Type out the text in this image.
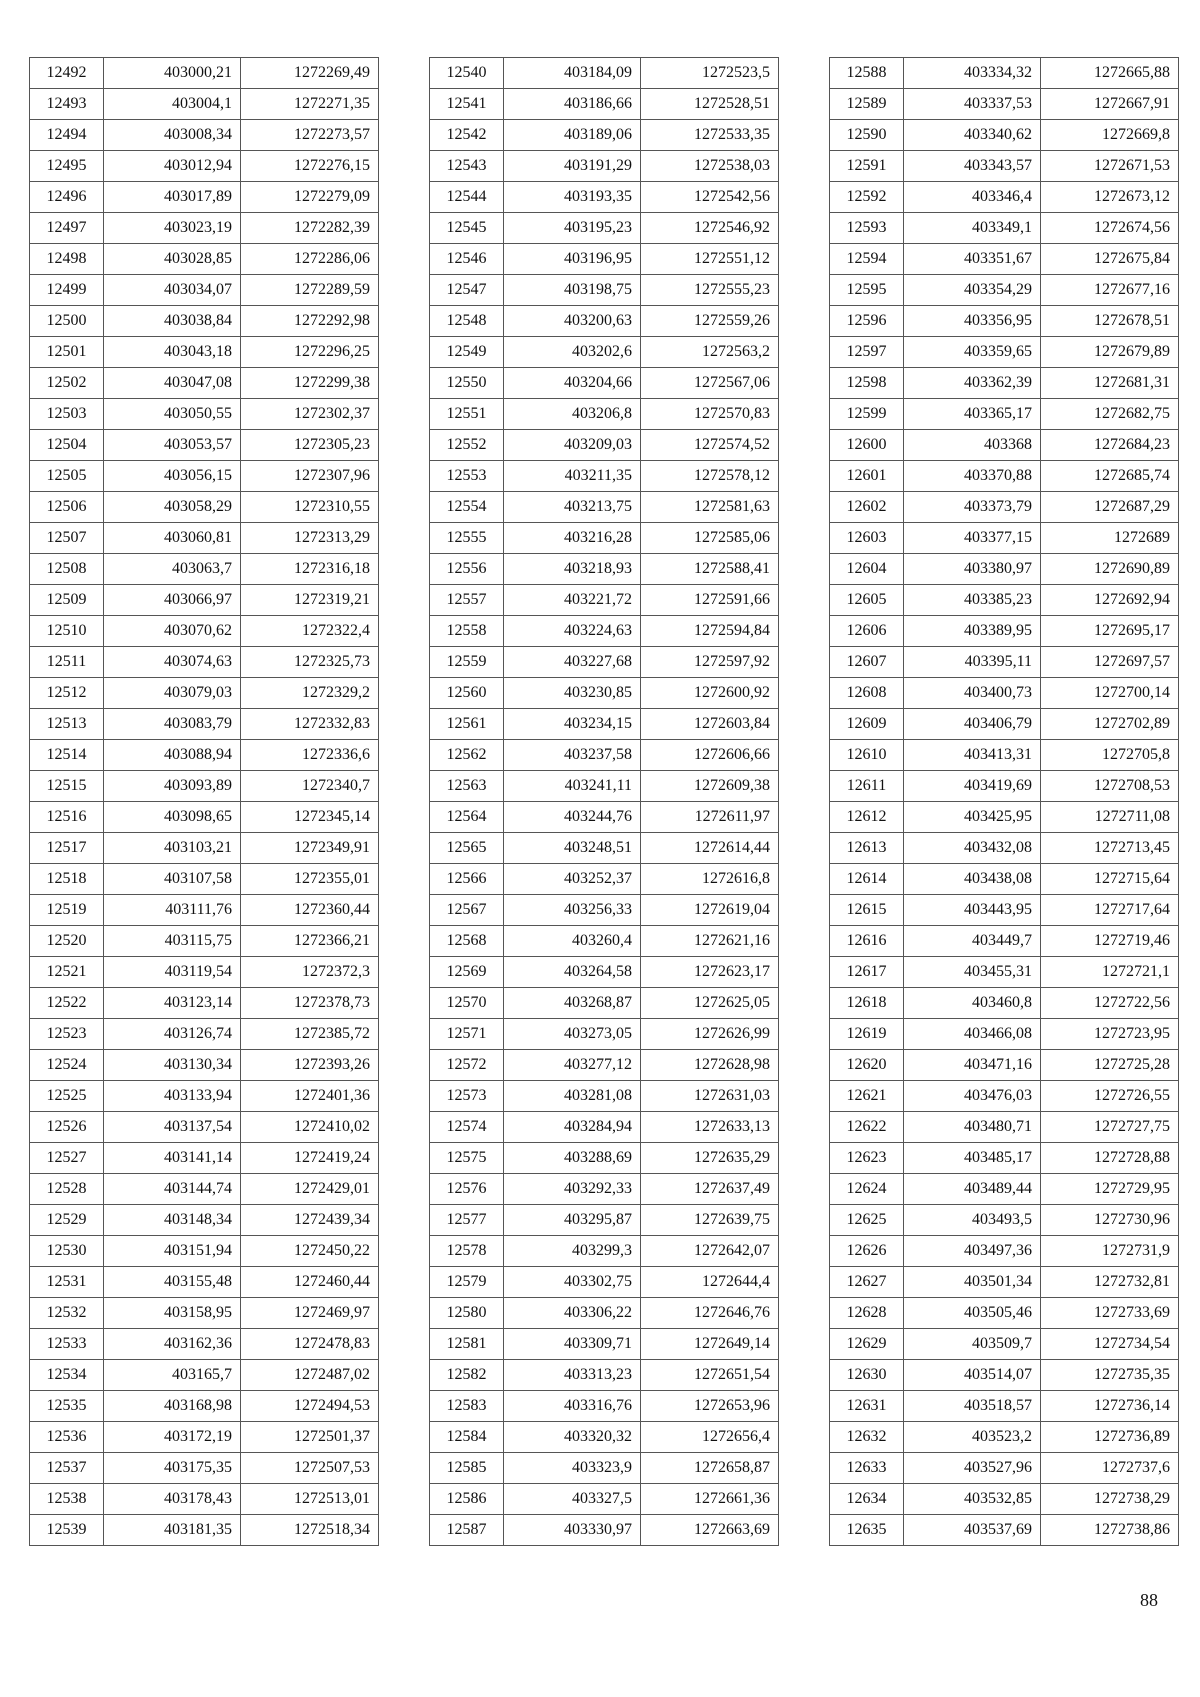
12492	403000,21	1272269,49
12493	403004,1	1272271,35
12494	403008,34	1272273,57
12495	403012,94	1272276,15
12496	403017,89	1272279,09
12497	403023,19	1272282,39
12498	403028,85	1272286,06
12499	403034,07	1272289,59
12500	403038,84	1272292,98
12501	403043,18	1272296,25
12502	403047,08	1272299,38
12503	403050,55	1272302,37
12504	403053,57	1272305,23
12505	403056,15	1272307,96
12506	403058,29	1272310,55
12507	403060,81	1272313,29
12508	403063,7	1272316,18
12509	403066,97	1272319,21
12510	403070,62	1272322,4
12511	403074,63	1272325,73
12512	403079,03	1272329,2
12513	403083,79	1272332,83
12514	403088,94	1272336,6
12515	403093,89	1272340,7
12516	403098,65	1272345,14
12517	403103,21	1272349,91
12518	403107,58	1272355,01
12519	403111,76	1272360,44
12520	403115,75	1272366,21
12521	403119,54	1272372,3
12522	403123,14	1272378,73
12523	403126,74	1272385,72
12524	403130,34	1272393,26
12525	403133,94	1272401,36
12526	403137,54	1272410,02
12527	403141,14	1272419,24
12528	403144,74	1272429,01
12529	403148,34	1272439,34
12530	403151,94	1272450,22
12531	403155,48	1272460,44
12532	403158,95	1272469,97
12533	403162,36	1272478,83
12534	403165,7	1272487,02
12535	403168,98	1272494,53
12536	403172,19	1272501,37
12537	403175,35	1272507,53
12538	403178,43	1272513,01
12539	403181,35	1272518,34
12540	403184,09	1272523,5
12541	403186,66	1272528,51
12542	403189,06	1272533,35
12543	403191,29	1272538,03
12544	403193,35	1272542,56
12545	403195,23	1272546,92
12546	403196,95	1272551,12
12547	403198,75	1272555,23
12548	403200,63	1272559,26
12549	403202,6	1272563,2
12550	403204,66	1272567,06
12551	403206,8	1272570,83
12552	403209,03	1272574,52
12553	403211,35	1272578,12
12554	403213,75	1272581,63
12555	403216,28	1272585,06
12556	403218,93	1272588,41
12557	403221,72	1272591,66
12558	403224,63	1272594,84
12559	403227,68	1272597,92
12560	403230,85	1272600,92
12561	403234,15	1272603,84
12562	403237,58	1272606,66
12563	403241,11	1272609,38
12564	403244,76	1272611,97
12565	403248,51	1272614,44
12566	403252,37	1272616,8
12567	403256,33	1272619,04
12568	403260,4	1272621,16
12569	403264,58	1272623,17
12570	403268,87	1272625,05
12571	403273,05	1272626,99
12572	403277,12	1272628,98
12573	403281,08	1272631,03
12574	403284,94	1272633,13
12575	403288,69	1272635,29
12576	403292,33	1272637,49
12577	403295,87	1272639,75
12578	403299,3	1272642,07
12579	403302,75	1272644,4
12580	403306,22	1272646,76
12581	403309,71	1272649,14
12582	403313,23	1272651,54
12583	403316,76	1272653,96
12584	403320,32	1272656,4
12585	403323,9	1272658,87
12586	403327,5	1272661,36
12587	403330,97	1272663,69
12588	403334,32	1272665,88
12589	403337,53	1272667,91
12590	403340,62	1272669,8
12591	403343,57	1272671,53
12592	403346,4	1272673,12
12593	403349,1	1272674,56
12594	403351,67	1272675,84
12595	403354,29	1272677,16
12596	403356,95	1272678,51
12597	403359,65	1272679,89
12598	403362,39	1272681,31
12599	403365,17	1272682,75
12600	403368	1272684,23
12601	403370,88	1272685,74
12602	403373,79	1272687,29
12603	403377,15	1272689
12604	403380,97	1272690,89
12605	403385,23	1272692,94
12606	403389,95	1272695,17
12607	403395,11	1272697,57
12608	403400,73	1272700,14
12609	403406,79	1272702,89
12610	403413,31	1272705,8
12611	403419,69	1272708,53
12612	403425,95	1272711,08
12613	403432,08	1272713,45
12614	403438,08	1272715,64
12615	403443,95	1272717,64
12616	403449,7	1272719,46
12617	403455,31	1272721,1
12618	403460,8	1272722,56
12619	403466,08	1272723,95
12620	403471,16	1272725,28
12621	403476,03	1272726,55
12622	403480,71	1272727,75
12623	403485,17	1272728,88
12624	403489,44	1272729,95
12625	403493,5	1272730,96
12626	403497,36	1272731,9
12627	403501,34	1272732,81
12628	403505,46	1272733,69
12629	403509,7	1272734,54
12630	403514,07	1272735,35
12631	403518,57	1272736,14
12632	403523,2	1272736,89
12633	403527,96	1272737,6
12634	403532,85	1272738,29
12635	403537,69	1272738,86
88
